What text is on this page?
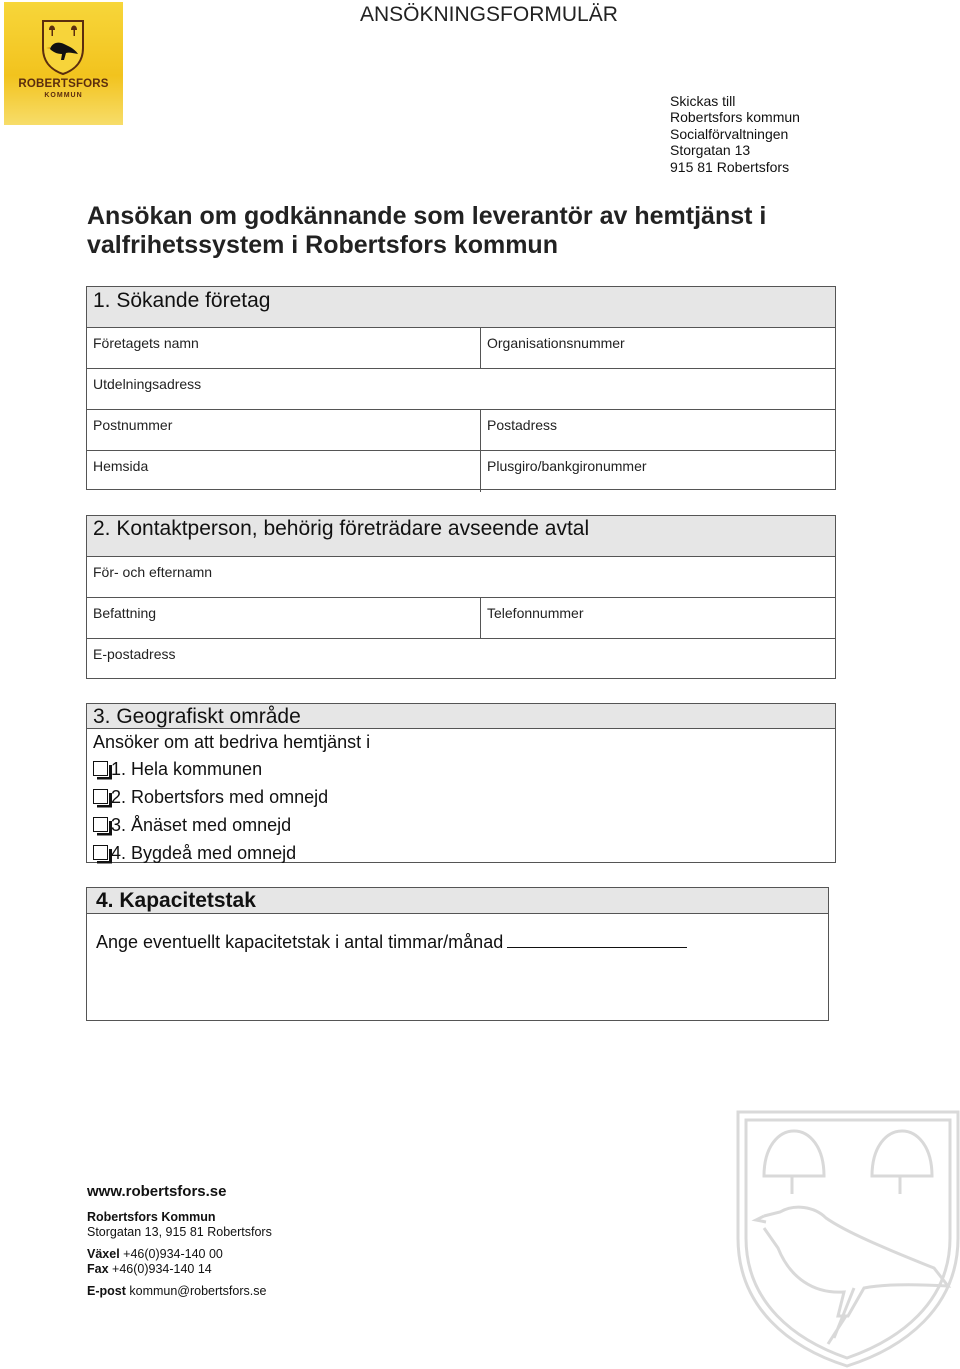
ROBERTSFORS
KOMMUN
ANSÖKNINGSFORMULÄR
Skickas till
Robertsfors kommun
Socialförvaltningen
Storgatan 13
915 81 Robertsfors
Ansökan om godkännande som leverantör av hemtjänst i valfrihetssystem i Robertsfors kommun
1. Sökande företag
Företagets namn	Organisationsnummer
Utdelningsadress
Postnummer	Postadress
Hemsida	Plusgiro/bankgironummer
2. Kontaktperson, behörig företrädare avseende avtal
För- och efternamn
Befattning	Telefonnummer
E-postadress
3. Geografiskt område
Ansöker om att bedriva hemtjänst i
1. Hela kommunen
2. Robertsfors med omnejd
3. Ånäset med omnejd
4. Bygdeå med omnejd
4. Kapacitetstak
Ange eventuellt kapacitetstak i antal timmar/månad
www.robertsfors.se
Robertsfors Kommun
Storgatan 13, 915 81 Robertsfors
Växel +46(0)934-140 00
Fax +46(0)934-140 14
E-post kommun@robertsfors.se
